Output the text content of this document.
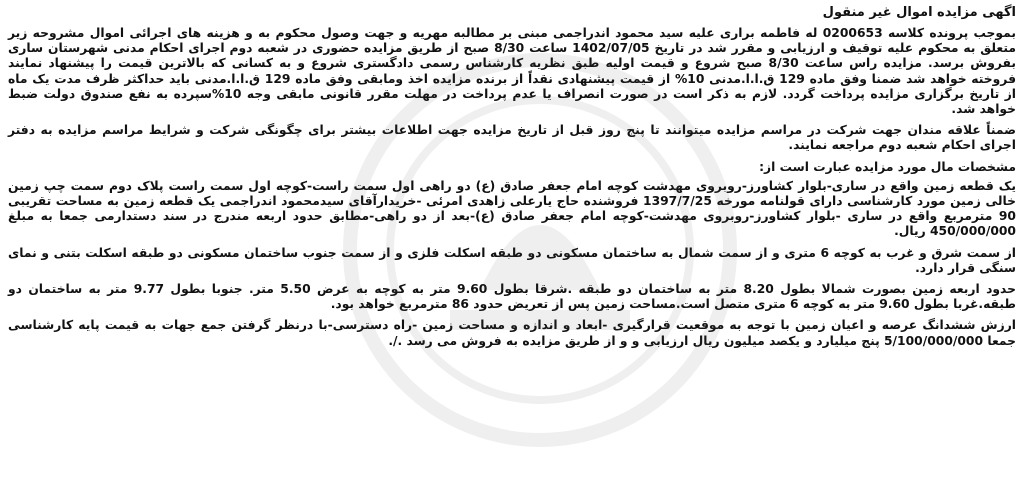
اگهی مزایده اموال غیر منقول

بموجب پرونده کلاسه 0200653 له فاطمه براری علیه سید محمود اندراجمی مبنی بر مطالبه مهریه و جهت وصول محکوم به و هزینه های اجرائی اموال مشروحه زیر متعلق به محکوم علیه توقیف و ارزیابی و مقرر شد در تاریخ 1402/07/05 ساعت 8/30 صبح از طریق مزایده حضوری در شعبه دوم اجرای احکام مدنی شهرستان ساری بفروش برسد. مزایده راس ساعت 8/30 صبح شروع و قیمت اولیه طبق نظریه کارشناس رسمی دادگستری شروع و به کسانی که بالاترین قیمت را پیشنهاد نمایند فروخته خواهد شد ضمنا وفق ماده 129 ق.ا.ا.مدنی 10% از قیمت پیشنهادی نقداً از برنده مزایده اخذ ومابقی وفق ماده 129 ق.ا.ا.مدنی باید حداکثر ظرف مدت یک ماه از تاریخ برگزاری مزایده پرداخت گردد. لازم به ذکر است در صورت انصراف یا عدم پرداخت در مهلت مقرر قانونی مابقی وجه 10%سپرده به نفع صندوق دولت ضبط خواهد شد.

ضمناً علاقه مندان جهت شرکت در مراسم مزایده میتوانند تا پنج روز قبل از تاریخ مزایده جهت اطلاعات بیشتر برای چگونگی شرکت و شرایط مراسم مزایده به دفتر اجرای احکام شعبه دوم مراجعه نمایند.

مشخصات مال مورد مزایده عبارت است از:

یک قطعه زمین واقع در ساری-بلوار کشاورز-روبروی مهدشت کوچه امام جعفر صادق (ع) دو راهی اول سمت راست-کوچه اول سمت راست پلاک دوم سمت چپ زمین خالی زمین مورد کارشناسی دارای قولنامه مورخه 1397/7/25 فروشنده حاج یارعلی زاهدی امرئی -خریدارآقای سیدمحمود اندراجمی یک قطعه زمین به مساحت تقریبی 90 مترمربع واقع در ساری -بلوار کشاورز-روبروی مهدشت-کوچه امام جعفر صادق (ع)-بعد از دو راهی-مطابق حدود اربعه مندرج در سند دستدارمی جمعا به مبلغ 450/000/000 ریال.

از سمت شرق و غرب به کوچه 6 متری و از سمت شمال به ساختمان مسکونی دو طبقه اسکلت فلزی و از سمت جنوب ساختمان مسکونی دو طبقه اسکلت بتنی و نمای سنگی قرار دارد.

حدود اربعه زمین بصورت شمالا بطول 8.20 متر به ساختمان دو طبقه .شرقا بطول 9.60 متر به کوچه به عرض 5.50 متر. جنوبا بطول 9.77 متر به ساختمان دو طبقه.غربا بطول 9.60 متر به کوچه 6 متری متصل است.مساحت زمین پس از تعریض حدود 86 مترمربع خواهد بود.

ارزش ششدانگ عرصه و اعیان زمین با توجه به موقعیت قرارگیری -ابعاد و اندازه و مساحت زمین -راه دسترسی-با درنظر گرفتن جمع جهات به قیمت پایه کارشناسی جمعا 5/100/000/000 پنج میلیارد و یکصد میلیون ریال ارزیابی و و از طریق مزایده به فروش می رسد ./.
